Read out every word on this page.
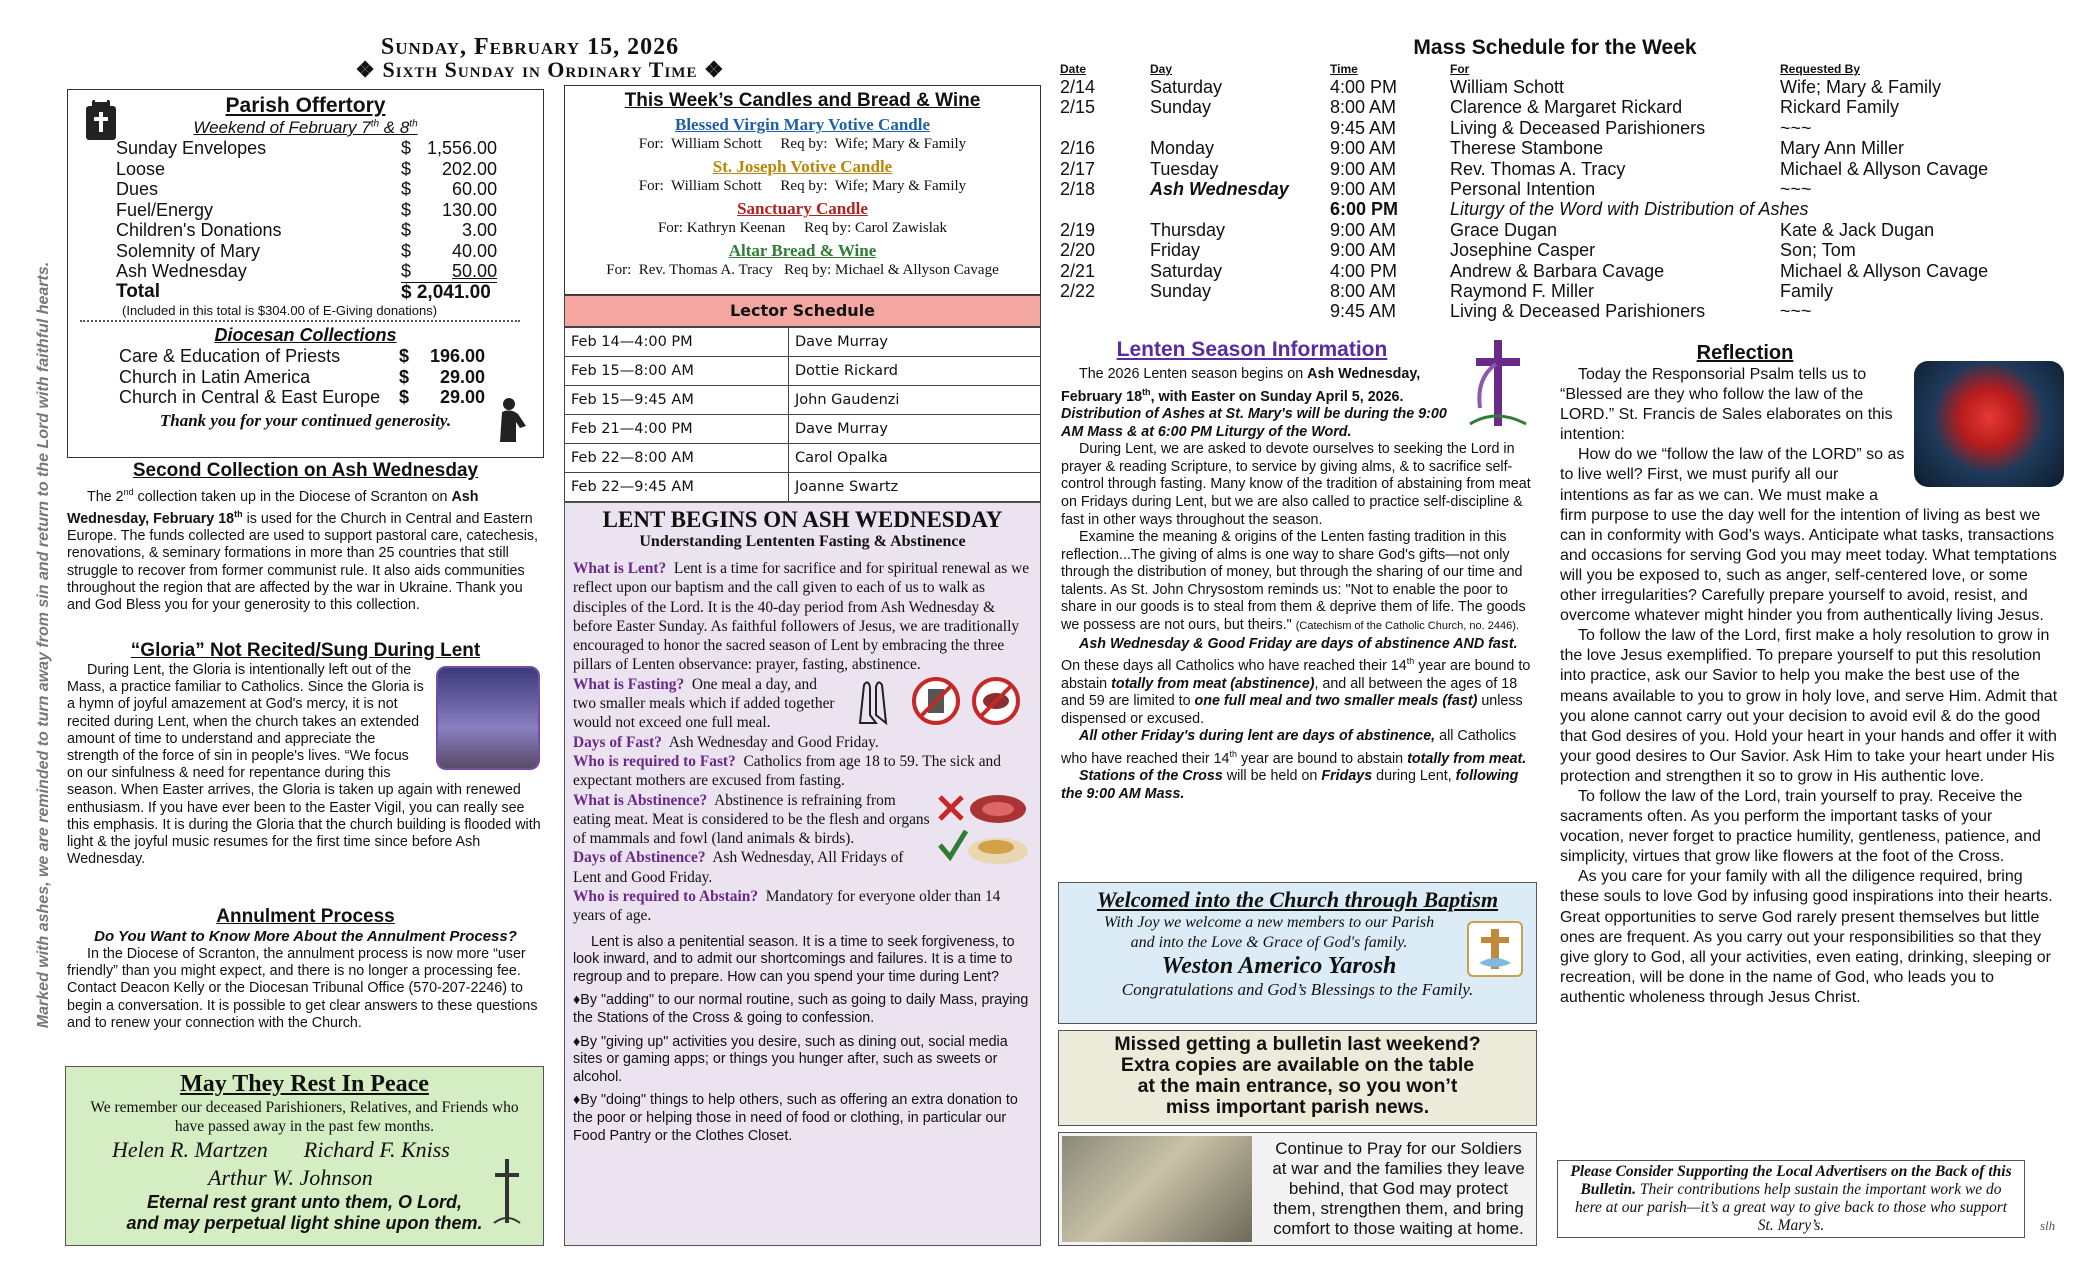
Sunday, February 15, 2026
❖ Sixth Sunday in Ordinary Time ❖
Marked with ashes, we are reminded to turn away from sin and return to the Lord with faithful hearts.
Parish Offertory
Weekend of February 7th & 8th
Sunday Envelopes	$	1,556.00
Loose	$	202.00
Dues	$	60.00
Fuel/Energy	$	130.00
Children's Donations	$	3.00
Solemnity of Mary	$	40.00
Ash Wednesday	$	50.00
Total	$ 2,041.00	
(Included in this total is $304.00 of E-Giving donations)
Diocesan Collections
Care & Education of Priests	$	196.00
Church in Latin America	$	29.00
Church in Central & East Europe	$	29.00
Thank you for your continued generosity.
Second Collection on Ash Wednesday

The 2nd collection taken up in the Diocese of Scranton on Ash Wednesday, February 18th is used for the Church in Central and Eastern Europe. The funds collected are used to support pastoral care, catechesis, renovations, & seminary formations in more than 25 countries that still struggle to recover from former communist rule. It also aids communities throughout the region that are affected by the war in Ukraine. Thank you and God Bless you for your generosity to this collection.

“Gloria” Not Recited/Sung During Lent

During Lent, the Gloria is intentionally left out of the Mass, a practice familiar to Catholics. Since the Gloria is a hymn of joyful amazement at God's mercy, it is not recited during Lent, when the church takes an extended amount of time to understand and appreciate the strength of the force of sin in people's lives. “We focus on our sinfulness & need for repentance during this season. When Easter arrives, the Gloria is taken up again with renewed enthusiasm. If you have ever been to the Easter Vigil, you can really see this emphasis. It is during the Gloria that the church building is flooded with light & the joyful music resumes for the first time since before Ash Wednesday.

Annulment Process
Do You Want to Know More About the Annulment Process?

In the Diocese of Scranton, the annulment process is now more “user friendly” than you might expect, and there is no longer a processing fee. Contact Deacon Kelly or the Diocesan Tribunal Office (570-207-2246) to begin a conversation. It is possible to get clear answers to these questions and to renew your connection with the Church.

May They Rest In Peace
We remember our deceased Parishioners, Relatives, and Friends who have passed away in the past few months.
Helen R. Martzen Richard F. Kniss
Arthur W. Johnson
Eternal rest grant unto them, O Lord,
and may perpetual light shine upon them.
This Week’s Candles and Bread & Wine
Blessed Virgin Mary Votive Candle
For:  William Schott     Req by:  Wife; Mary & Family
St. Joseph Votive Candle
For:  William Schott     Req by:  Wife; Mary & Family
Sanctuary Candle
For: Kathryn Keenan     Req by: Carol Zawislak
Altar Bread & Wine
For:  Rev. Thomas A. Tracy   Req by: Michael & Allyson Cavage
Lector Schedule
Feb 14—4:00 PM	Dave Murray
Feb 15—8:00 AM	Dottie Rickard
Feb 15—9:45 AM	John Gaudenzi
Feb 21—4:00 PM	Dave Murray
Feb 22—8:00 AM	Carol Opalka
Feb 22—9:45 AM	Joanne Swartz
LENT BEGINS ON ASH WEDNESDAY
Understanding Lententen Fasting & Abstinence

What is Lent? Lent is a time for sacrifice and for spiritual renewal as we reflect upon our baptism and the call given to each of us to walk as disciples of the Lord. It is the 40-day period from Ash Wednesday & before Easter Sunday. As faithful followers of Jesus, we are traditionally encouraged to honor the sacred season of Lent by embracing the three pillars of Lenten observance: prayer, fasting, abstinence.

What is Fasting? One meal a day, and two smaller meals which if added together would not exceed one full meal.

Days of Fast? Ash Wednesday and Good Friday.

Who is required to Fast? Catholics from age 18 to 59. The sick and expectant mothers are excused from fasting.

What is Abstinence? Abstinence is refraining from eating meat. Meat is considered to be the flesh and organs of mammals and fowl (land animals & birds).

Days of Abstinence? Ash Wednesday, All Fridays of Lent and Good Friday.

Who is required to Abstain? Mandatory for everyone older than 14 years of age.

Lent is also a penitential season. It is a time to seek forgiveness, to look inward, and to admit our shortcomings and failures. It is a time to regroup and to prepare. How can you spend your time during Lent?

♦By "adding" to our normal routine, such as going to daily Mass, praying the Stations of the Cross & going to confession.

♦By "giving up" activities you desire, such as dining out, social media sites or gaming apps; or things you hunger after, such as sweets or alcohol.

♦By "doing" things to help others, such as offering an extra donation to the poor or helping those in need of food or clothing, in particular our Food Pantry or the Clothes Closet.

Mass Schedule for the Week
Date	Day	Time	For	Requested By
2/14	Saturday	4:00 PM	William Schott	Wife; Mary & Family
2/15	Sunday	8:00 AM	Clarence & Margaret Rickard	Rickard Family
		9:45 AM	Living & Deceased Parishioners	~~~
2/16	Monday	9:00 AM	Therese Stambone	Mary Ann Miller
2/17	Tuesday	9:00 AM	Rev. Thomas A. Tracy	Michael & Allyson Cavage
2/18	Ash Wednesday	9:00 AM	Personal Intention	~~~
		6:00 PM	Liturgy of the Word with Distribution of Ashes	
2/19	Thursday	9:00 AM	Grace Dugan	Kate & Jack Dugan
2/20	Friday	9:00 AM	Josephine Casper	Son; Tom
2/21	Saturday	4:00 PM	Andrew & Barbara Cavage	Michael & Allyson Cavage
2/22	Sunday	8:00 AM	Raymond F. Miller	Family
		9:45 AM	Living & Deceased Parishioners	~~~
Lenten Season Information

The 2026 Lenten season begins on Ash Wednesday, February 18th, with Easter on Sunday April 5, 2026. Distribution of Ashes at St. Mary's will be during the 9:00 AM Mass & at 6:00 PM Liturgy of the Word.

During Lent, we are asked to devote ourselves to seeking the Lord in prayer & reading Scripture, to service by giving alms, & to sacrifice self-control through fasting. Many know of the tradition of abstaining from meat on Fridays during Lent, but we are also called to practice self-discipline & fast in other ways throughout the season.

Examine the meaning & origins of the Lenten fasting tradition in this reflection...The giving of alms is one way to share God's gifts—not only through the distribution of money, but through the sharing of our time and talents. As St. John Chrysostom reminds us: "Not to enable the poor to share in our goods is to steal from them & deprive them of life. The goods we possess are not ours, but theirs." (Catechism of the Catholic Church, no. 2446).

Ash Wednesday & Good Friday are days of abstinence AND fast. On these days all Catholics who have reached their 14th year are bound to abstain totally from meat (abstinence), and all between the ages of 18 and 59 are limited to one full meal and two smaller meals (fast) unless dispensed or excused.

All other Friday's during lent are days of abstinence, all Catholics who have reached their 14th year are bound to abstain totally from meat.

Stations of the Cross will be held on Fridays during Lent, following the 9:00 AM Mass.

Welcomed into the Church through Baptism
With Joy we welcome a new members to our Parish
and into the Love & Grace of God's family.
Weston Americo Yarosh
Congratulations and God’s Blessings to the Family.
Missed getting a bulletin last weekend?
Extra copies are available on the table
at the main entrance, so you won’t
miss important parish news.
Continue to Pray for our Soldiers
at war and the families they leave
behind, that God may protect
them, strengthen them, and bring
comfort to those waiting at home.
Reflection

Today the Responsorial Psalm tells us to “Blessed are they who follow the law of the LORD.” St. Francis de Sales elaborates on this intention:

How do we “follow the law of the LORD” so as to live well? First, we must purify all our intentions as far as we can. We must make a firm purpose to use the day well for the intention of living as best we can in conformity with God’s ways. Anticipate what tasks, transactions and occasions for serving God you may meet today. What temptations will you be exposed to, such as anger, self-centered love, or some other irregularities? Carefully prepare yourself to avoid, resist, and overcome whatever might hinder you from authentically living Jesus.

To follow the law of the Lord, first make a holy resolution to grow in the love Jesus exemplified. To prepare yourself to put this resolution into practice, ask our Savior to help you make the best use of the means available to you to grow in holy love, and serve Him. Admit that you alone cannot carry out your decision to avoid evil & do the good that God desires of you. Hold your heart in your hands and offer it with your good desires to Our Savior. Ask Him to take your heart under His protection and strengthen it so to grow in His authentic love.

To follow the law of the Lord, train yourself to pray. Receive the sacraments often. As you perform the important tasks of your vocation, never forget to practice humility, gentleness, patience, and simplicity, virtues that grow like flowers at the foot of the Cross.

As you care for your family with all the diligence required, bring these souls to love God by infusing good inspirations into their hearts. Great opportunities to serve God rarely present themselves but little ones are frequent. As you carry out your responsibilities so that they give glory to God, all your activities, even eating, drinking, sleeping or recreation, will be done in the name of God, who leads you to authentic wholeness through Jesus Christ.

Please Consider Supporting the Local Advertisers on the Back of this Bulletin. Their contributions help sustain the important work we do here at our parish—it’s a great way to give back to those who support St. Mary’s.	slh
